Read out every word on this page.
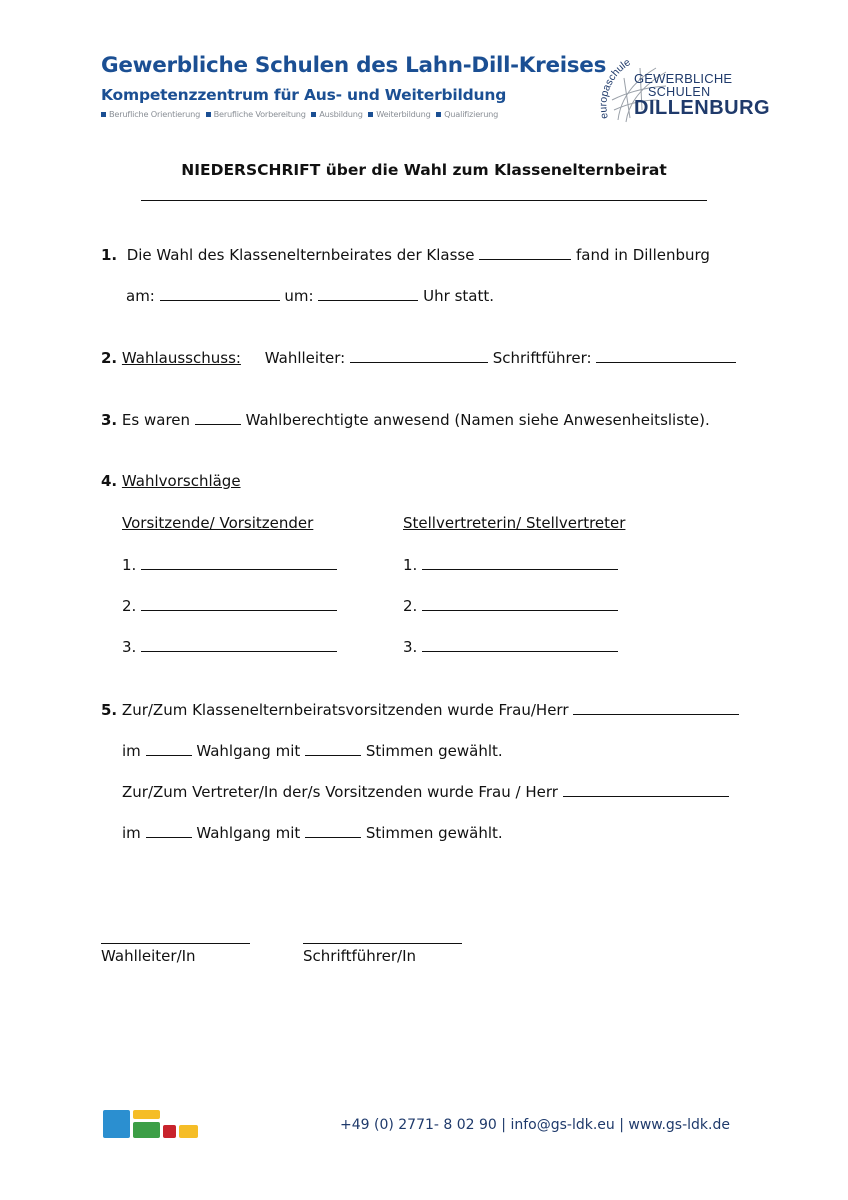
Gewerbliche Schulen des Lahn-Dill-Kreises
Kompetenzzentrum für Aus- und Weiterbildung
Berufliche Orientierung Berufliche Vorbereitung Ausbildung Weiterbildung Qualifizierung	europaschule
GEWERBLICHE
SCHULEN
DILLENBURG
NIEDERSCHRIFT über die Wahl zum Klassenelternbeirat
1. Die Wahl des Klassenelternbeirates der Klasse	fand in Dillenburg
am:	um:	Uhr statt.
2. Wahlausschuss: Wahlleiter:	Schriftführer:
3. Es waren	Wahlberechtigte anwesend (Namen siehe Anwesenheitsliste).
4. Wahlvorschläge
Vorsitzende/ Vorsitzender	Stellvertreterin/ Stellvertreter
1.	1.
2.	2.
3.	3.
5. Zur/Zum Klassenelternbeiratsvorsitzenden wurde Frau/Herr
im	Wahlgang mit	Stimmen gewählt.
Zur/Zum Vertreter/In der/s Vorsitzenden wurde Frau / Herr
im	Wahlgang mit	Stimmen gewählt.
Wahlleiter/In	Schriftführer/In
+49 (0) 2771- 8 02 90 | info@gs-ldk.eu | www.gs-ldk.de
